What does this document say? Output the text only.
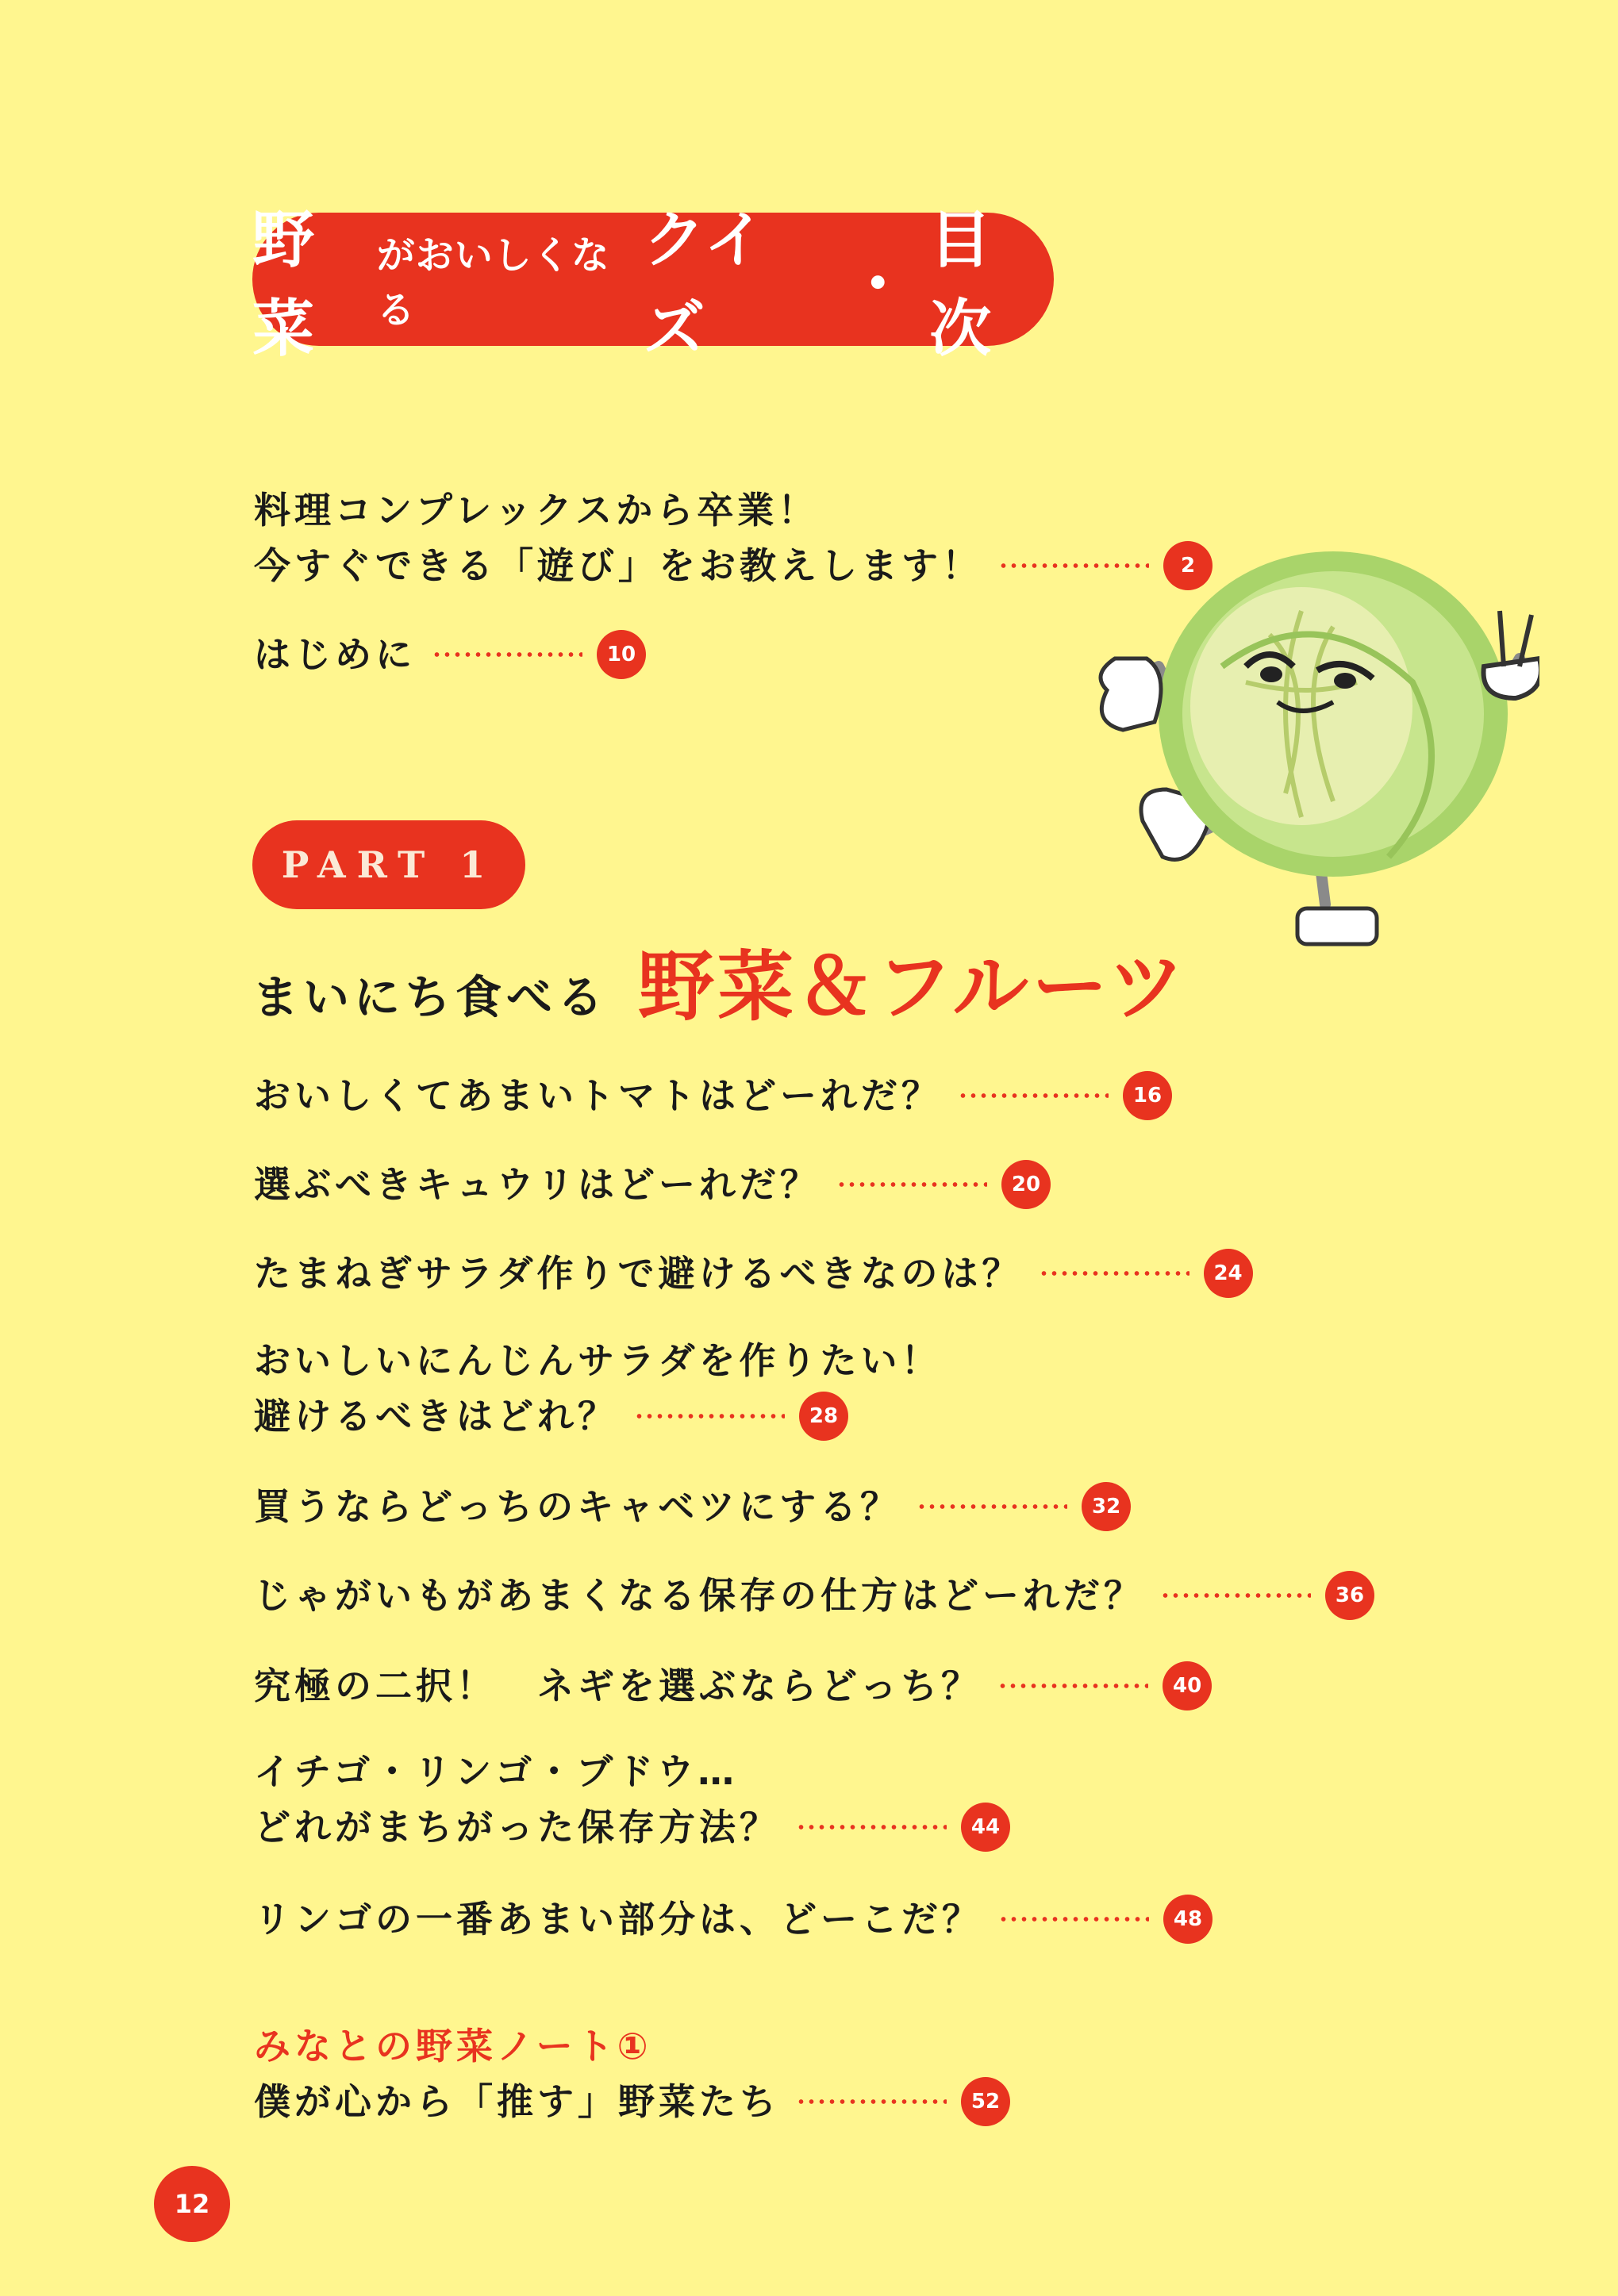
野菜
がおいしくなる
クイズ
・
目次
料理コンプレックスから卒業！
今すぐできる「遊び」をお教えします！	2
はじめに	10
PART 1
まいにち食べる 野菜＆フルーツ
おいしくてあまいトマトはどーれだ？	16
選ぶべきキュウリはどーれだ？	20
たまねぎサラダ作りで避けるべきなのは？	24
おいしいにんじんサラダを作りたい！
避けるべきはどれ？	28
買うならどっちのキャベツにする？	32
じゃがいもがあまくなる保存の仕方はどーれだ？	36
究極の二択！　ネギを選ぶならどっち？	40
イチゴ・リンゴ・ブドウ…
どれがまちがった保存方法？	44
リンゴの一番あまい部分は、どーこだ？	48
みなとの野菜ノート①
僕が心から「推す」野菜たち	52
12
